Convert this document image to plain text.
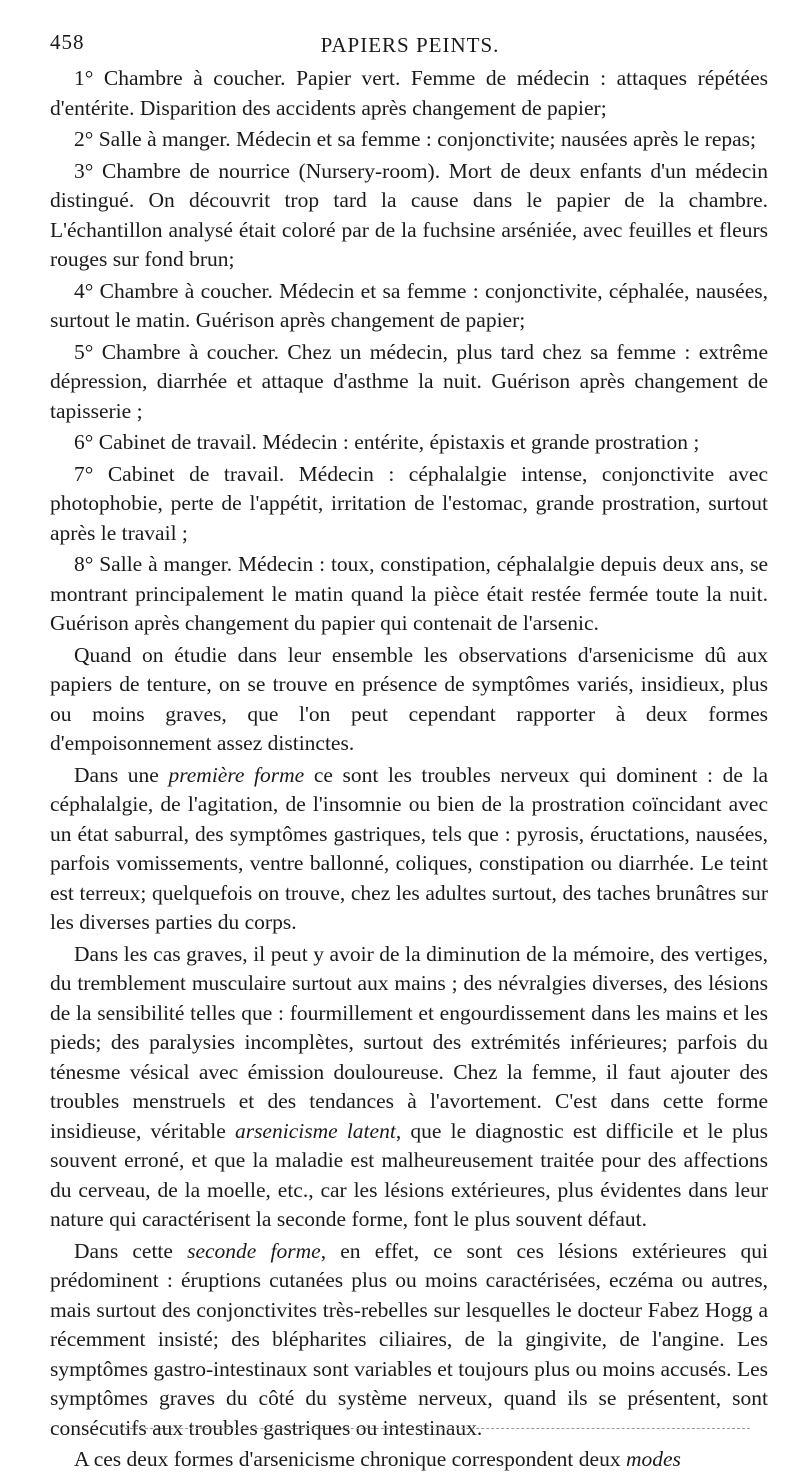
458	PAPIERS PEINTS.

1° Chambre à coucher. Papier vert. Femme de médecin : attaques répétées d'entérite. Disparition des accidents après changement de papier;

2° Salle à manger. Médecin et sa femme : conjonctivite; nausées après le repas;

3° Chambre de nourrice (Nursery-room). Mort de deux enfants d'un médecin distingué. On découvrit trop tard la cause dans le papier de la chambre. L'échantillon analysé était coloré par de la fuchsine arséniée, avec feuilles et fleurs rouges sur fond brun;

4° Chambre à coucher. Médecin et sa femme : conjonctivite, céphalée, nausées, surtout le matin. Guérison après changement de papier;

5° Chambre à coucher. Chez un médecin, plus tard chez sa femme : extrême dépression, diarrhée et attaque d'asthme la nuit. Guérison après changement de tapisserie ;

6° Cabinet de travail. Médecin : entérite, épistaxis et grande prostration ;

7° Cabinet de travail. Médecin : céphalalgie intense, conjonctivite avec photophobie, perte de l'appétit, irritation de l'estomac, grande prostration, surtout après le travail ;

8° Salle à manger. Médecin : toux, constipation, céphalalgie depuis deux ans, se montrant principalement le matin quand la pièce était restée fermée toute la nuit. Guérison après changement du papier qui contenait de l'arsenic.

Quand on étudie dans leur ensemble les observations d'arsenicisme dû aux papiers de tenture, on se trouve en présence de symptômes variés, insidieux, plus ou moins graves, que l'on peut cependant rapporter à deux formes d'empoisonnement assez distinctes.

Dans une première forme ce sont les troubles nerveux qui dominent : de la céphalalgie, de l'agitation, de l'insomnie ou bien de la prostration coïncidant avec un état saburral, des symptômes gastriques, tels que : pyrosis, éructations, nausées, parfois vomissements, ventre ballonné, coliques, constipation ou diarrhée. Le teint est terreux; quelquefois on trouve, chez les adultes surtout, des taches brunâtres sur les diverses parties du corps.

Dans les cas graves, il peut y avoir de la diminution de la mémoire, des vertiges, du tremblement musculaire surtout aux mains ; des névralgies diverses, des lésions de la sensibilité telles que : fourmillement et engourdissement dans les mains et les pieds; des paralysies incomplètes, surtout des extrémités inférieures; parfois du ténesme vésical avec émission douloureuse. Chez la femme, il faut ajouter des troubles menstruels et des tendances à l'avortement. C'est dans cette forme insidieuse, véritable arsenicisme latent, que le diagnostic est difficile et le plus souvent erroné, et que la maladie est malheureusement traitée pour des affections du cerveau, de la moelle, etc., car les lésions extérieures, plus évidentes dans leur nature qui caractérisent la seconde forme, font le plus souvent défaut.

Dans cette seconde forme, en effet, ce sont ces lésions extérieures qui prédominent : éruptions cutanées plus ou moins caractérisées, eczéma ou autres, mais surtout des conjonctivites très-rebelles sur lesquelles le docteur Fabez Hogg a récemment insisté; des blépharites ciliaires, de la gingivite, de l'angine. Les symptômes gastro-intestinaux sont variables et toujours plus ou moins accusés. Les symptômes graves du côté du système nerveux, quand ils se présentent, sont consécutifs aux troubles gastriques ou intestinaux.

A ces deux formes d'arsenicisme chronique correspondent deux modes
